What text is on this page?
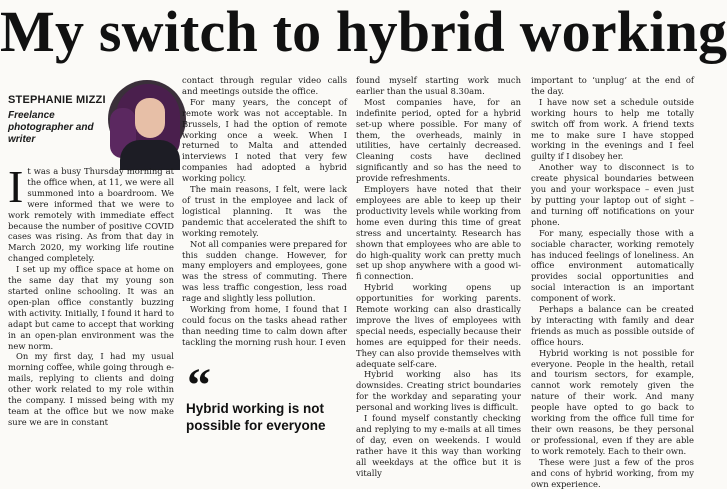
My switch to hybrid working
STEPHANIE MIZZI
Freelance photographer and writer

It was a busy Thursday morning at the office when, at 11, we were all summoned into a boardroom. We were informed that we were to work remotely with immediate effect because the number of positive COVID cases was rising. As from that day in March 2020, my working life routine changed completely.

I set up my office space at home on the same day that my young son started online schooling. It was an open-plan office constantly buzzing with activity. Initially, I found it hard to adapt but came to accept that working in an open-plan environment was the new norm.

On my first day, I had my usual morning coffee, while going through e-mails, replying to clients and doing other work related to my role within the company. I missed being with my team at the office but we now make sure we are in constant

contact through regular video calls and meetings outside the office.

For many years, the concept of remote work was not acceptable. In Brussels, I had the option of remote working once a week. When I returned to Malta and attended interviews I noted that very few companies had adopted a hybrid working policy.

The main reasons, I felt, were lack of trust in the employee and lack of logistical planning. It was the pandemic that accelerated the shift to working remotely.

Not all companies were prepared for this sudden change. However, for many employers and employees, gone was the stress of commuting. There was less traffic congestion, less road rage and slightly less pollution.

Working from home, I found that I could focus on the tasks ahead rather than needing time to calm down after tackling the morning rush hour. I even

“
Hybrid working is not possible for everyone

found myself starting work much earlier than the usual 8.30am.

Most companies have, for an indefinite period, opted for a hybrid set-up where possible. For many of them, the overheads, mainly in utilities, have certainly decreased. Cleaning costs have declined significantly and so has the need to provide refreshments.

Employers have noted that their employees are able to keep up their productivity levels while working from home even during this time of great stress and uncertainty. Research has shown that employees who are able to do high-quality work can pretty much set up shop anywhere with a good wi-fi connection.

Hybrid working opens up opportunities for working parents. Remote working can also drastically improve the lives of employees with special needs, especially because their homes are equipped for their needs. They can also provide themselves with adequate self-care.

Hybrid working also has its downsides. Creating strict boundaries for the workday and separating your personal and working lives is difficult.

I found myself constantly checking and replying to my e-mails at all times of day, even on weekends. I would rather have it this way than working all weekdays at the office but it is vitally

important to ‘unplug’ at the end of the day.

I have now set a schedule outside working hours to help me totally switch off from work. A friend texts me to make sure I have stopped working in the evenings and I feel guilty if I disobey her.

Another way to disconnect is to create physical boundaries between you and your workspace – even just by putting your laptop out of sight – and turning off notifications on your phone.

For many, especially those with a sociable character, working remotely has induced feelings of loneliness. An office environment automatically provides social opportunities and social interaction is an important component of work.

Perhaps a balance can be created by interacting with family and dear friends as much as possible outside of office hours.

Hybrid working is not possible for everyone. People in the health, retail and tourism sectors, for example, cannot work remotely given the nature of their work. And many people have opted to go back to working from the office full time for their own reasons, be they personal or professional, even if they are able to work remotely. Each to their own.

These were just a few of the pros and cons of hybrid working, from my own experience.
